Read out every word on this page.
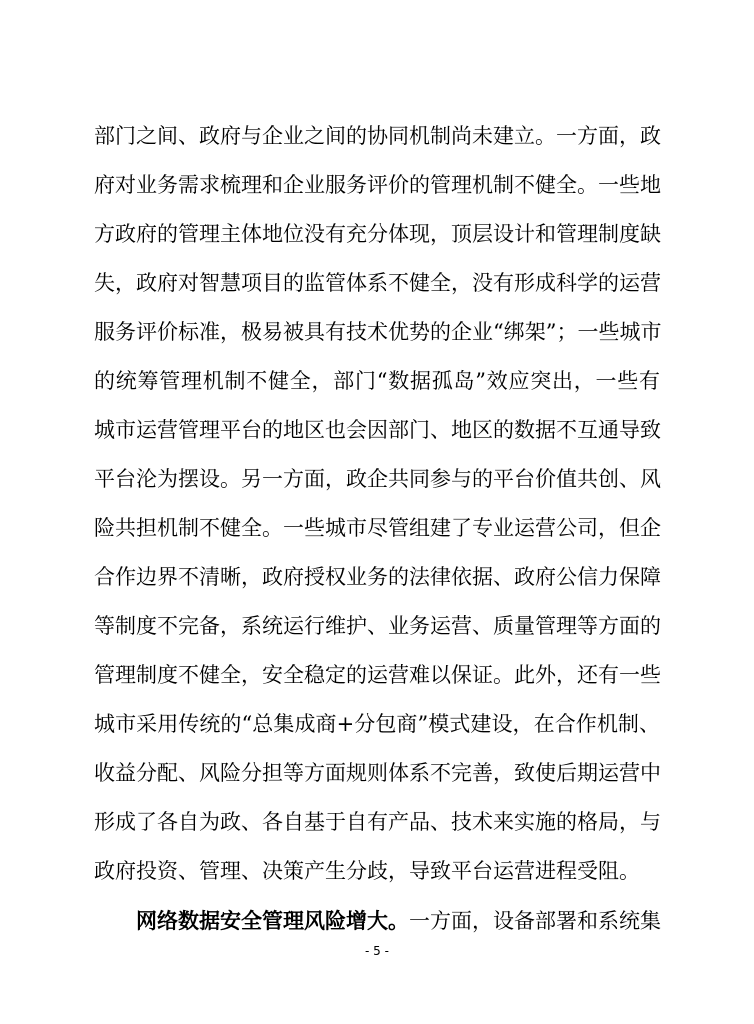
部门之间、政府与企业之间的协同机制尚未建立。一方面，政
府对业务需求梳理和企业服务评价的管理机制不健全。一些地
方政府的管理主体地位没有充分体现，顶层设计和管理制度缺
失，政府对智慧项目的监管体系不健全，没有形成科学的运营
服务评价标准，极易被具有技术优势的企业“绑架”；一些城市
的统筹管理机制不健全，部门“数据孤岛”效应突出，一些有
城市运营管理平台的地区也会因部门、地区的数据不互通导致
平台沦为摆设。另一方面，政企共同参与的平台价值共创、风
险共担机制不健全。一些城市尽管组建了专业运营公司，但企
合作边界不清晰，政府授权业务的法律依据、政府公信力保障
等制度不完备，系统运行维护、业务运营、质量管理等方面的
管理制度不健全，安全稳定的运营难以保证。此外，还有一些
城市采用传统的“总集成商+分包商”模式建设，在合作机制、
收益分配、风险分担等方面规则体系不完善，致使后期运营中
形成了各自为政、各自基于自有产品、技术来实施的格局，与
政府投资、管理、决策产生分歧，导致平台运营进程受阻。
网络数据安全管理风险增大。一方面，设备部署和系统集
- 5 -
